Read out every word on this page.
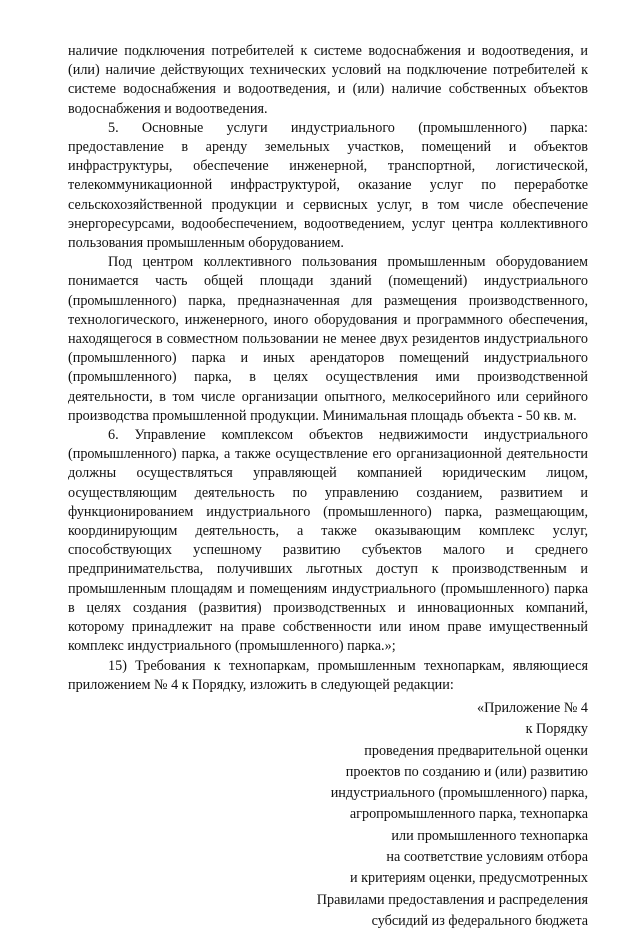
наличие подключения потребителей к системе водоснабжения и водоотведения, и (или) наличие действующих технических условий на подключение потребителей к системе водоснабжения и водоотведения, и (или) наличие собственных объектов водоснабжения и водоотведения.

5. Основные услуги индустриального (промышленного) парка: предоставление в аренду земельных участков, помещений и объектов инфраструктуры, обеспечение инженерной, транспортной, логистической, телекоммуникационной инфраструктурой, оказание услуг по переработке сельскохозяйственной продукции и сервисных услуг, в том числе обеспечение энергоресурсами, водообеспечением, водоотведением, услуг центра коллективного пользования промышленным оборудованием.

Под центром коллективного пользования промышленным оборудованием понимается часть общей площади зданий (помещений) индустриального (промышленного) парка, предназначенная для размещения производственного, технологического, инженерного, иного оборудования и программного обеспечения, находящегося в совместном пользовании не менее двух резидентов индустриального (промышленного) парка и иных арендаторов помещений индустриального (промышленного) парка, в целях осуществления ими производственной деятельности, в том числе организации опытного, мелкосерийного или серийного производства промышленной продукции. Минимальная площадь объекта - 50 кв. м.

6. Управление комплексом объектов недвижимости индустриального (промышленного) парка, а также осуществление его организационной деятельности должны осуществляться управляющей компанией юридическим лицом, осуществляющим деятельность по управлению созданием, развитием и функционированием индустриального (промышленного) парка, размещающим, координирующим деятельность, а также оказывающим комплекс услуг, способствующих успешному развитию субъектов малого и среднего предпринимательства, получивших льготных доступ к производственным и промышленным площадям и помещениям индустриального (промышленного) парка в целях создания (развития) производственных и инновационных компаний, которому принадлежит на праве собственности или ином праве имущественный комплекс индустриального (промышленного) парка.»;

15) Требования к технопаркам, промышленным технопаркам, являющиеся приложением № 4 к Порядку, изложить в следующей редакции:

«Приложение № 4
к Порядку
проведения предварительной оценки
проектов по созданию и (или) развитию
индустриального (промышленного) парка,
агропромышленного парка, технопарка
или промышленного технопарка
на соответствие условиям отбора
и критериям оценки, предусмотренных
Правилами предоставления и распределения
субсидий из федерального бюджета
